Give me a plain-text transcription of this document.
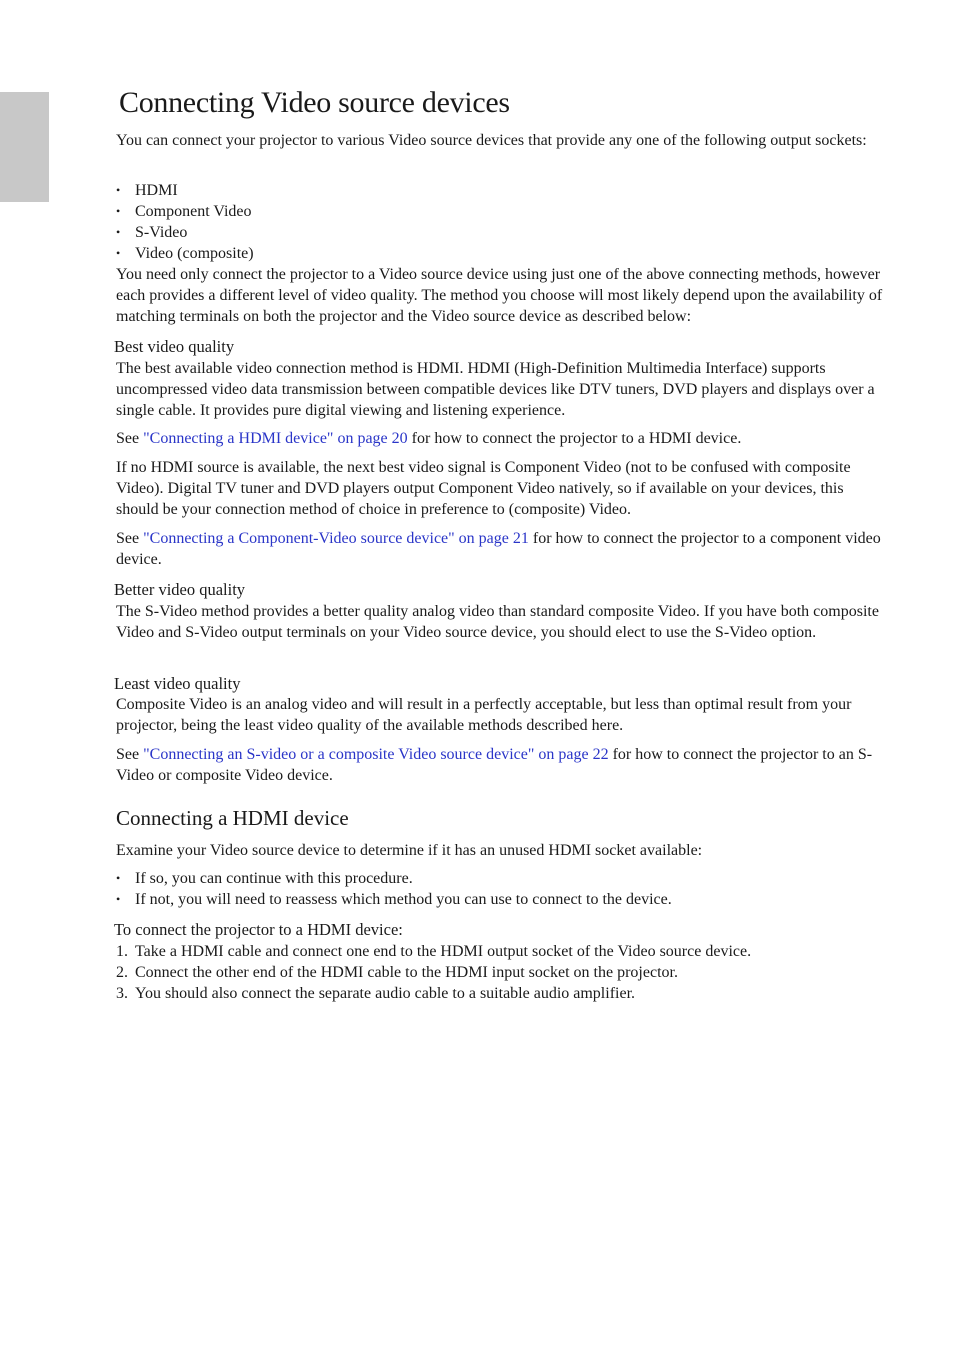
Connecting Video source devices

You can connect your projector to various Video source devices that provide any one of the following output sockets:

• HDMI
• Component Video
• S-Video
• Video (composite)

You need only connect the projector to a Video source device using just one of the above connecting methods, however each provides a different level of video quality. The method you choose will most likely depend upon the availability of matching terminals on both the projector and the Video source device as described below:

Best video quality

The best available video connection method is HDMI. HDMI (High-Definition Multimedia Interface) supports uncompressed video data transmission between compatible devices like DTV tuners, DVD players and displays over a single cable. It provides pure digital viewing and listening experience.

See "Connecting a HDMI device" on page 20 for how to connect the projector to a HDMI device.

If no HDMI source is available, the next best video signal is Component Video (not to be confused with composite Video). Digital TV tuner and DVD players output Component Video natively, so if available on your devices, this should be your connection method of choice in preference to (composite) Video.

See "Connecting a Component-Video source device" on page 21 for how to connect the projector to a component video device.

Better video quality

The S-Video method provides a better quality analog video than standard composite Video. If you have both composite Video and S-Video output terminals on your Video source device, you should elect to use the S-Video option.

Least video quality

Composite Video is an analog video and will result in a perfectly acceptable, but less than optimal result from your projector, being the least video quality of the available methods described here.

See "Connecting an S-video or a composite Video source device" on page 22 for how to connect the projector to an S-Video or composite Video device.

Connecting a HDMI device

Examine your Video source device to determine if it has an unused HDMI socket available:

• If so, you can continue with this procedure.
• If not, you will need to reassess which method you can use to connect to the device.
To connect the projector to a HDMI device:
1. Take a HDMI cable and connect one end to the HDMI output socket of the Video source device.
2. Connect the other end of the HDMI cable to the HDMI input socket on the projector.
3. You should also connect the separate audio cable to a suitable audio amplifier.
